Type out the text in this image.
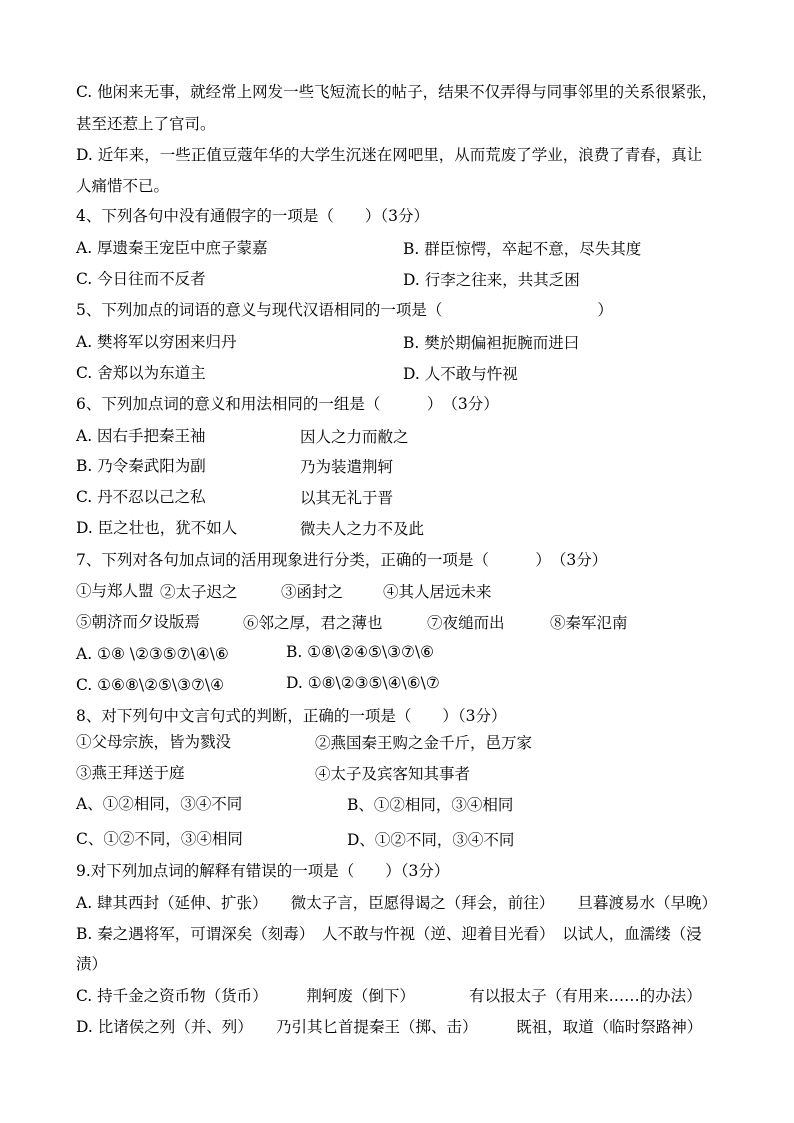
C. 他闲来无事，就经常上网发一些飞短流长的帖子，结果不仅弄得与同事邻里的关系很紧张，
甚至还惹上了官司。
D. 近年来，一些正值豆蔻年华的大学生沉迷在网吧里，从而荒废了学业，浪费了青春，真让
人痛惜不已。
4、下列各句中没有通假字的一项是（　　）（3分）
A. 厚遗秦王宠臣中庶子蒙嘉	B. 群臣惊愕，卒起不意，尽失其度
C. 今日往而不反者	D. 行李之往来，共其乏困
5、下列加点的词语的意义与现代汉语相同的一项是（　　　　　　　　　　）
A. 樊将军以穷困来归丹	B. 樊於期偏袒扼腕而进曰
C. 舍郑以为东道主	D. 人不敢与忤视
6、下列加点词的意义和用法相同的一组是（　　　）　（3分）
A. 因右手把秦王袖	因人之力而敝之
B. 乃令秦武阳为副	乃为装遣荆轲
C. 丹不忍以己之私	以其无礼于晋
D. 臣之壮也，犹不如人	微夫人之力不及此
7、下列对各句加点词的活用现象进行分类，正确的一项是（　　　）　（3分）
①与郑人盟 ②太子迟之	③函封之	④其人居远未来
⑤朝济而夕设版焉	⑥邻之厚，君之薄也	⑦夜缒而出	⑧秦军氾南
A. ①⑧ \②③⑤⑦\④\⑥	B. ①⑧\②④⑤\③⑦\⑥
C. ①⑥⑧\②⑤\③⑦\④	D. ①⑧\②③⑤\④\⑥\⑦
8、对下列句中文言句式的判断，正确的一项是（　　）（3分）
①父母宗族，皆为戮没	②燕国秦王购之金千斤，邑万家
③燕王拜送于庭	④太子及宾客知其事者
A、①②相同，③④不同	B、①②相同，③④相同
C、①②不同，③④相同	D、①②不同，③④不同
9.对下列加点词的解释有错误的一项是（　　）（3分）
A. 肆其西封（延伸、扩张）　　微太子言，臣愿得谒之（拜会，前往）　　旦暮渡易水（早晚）
B. 秦之遇将军，可谓深矣（刻毒）　人不敢与忤视（逆、迎着目光看）　以试人，血濡缕（浸
渍）
C. 持千金之资币物（货币）　　　荆轲废（倒下）　　　　有以报太子（有用来……的办法）
D. 比诸侯之列（并、列）　　乃引其匕首提秦王（掷、击）　　　既祖，取道（临时祭路神）
